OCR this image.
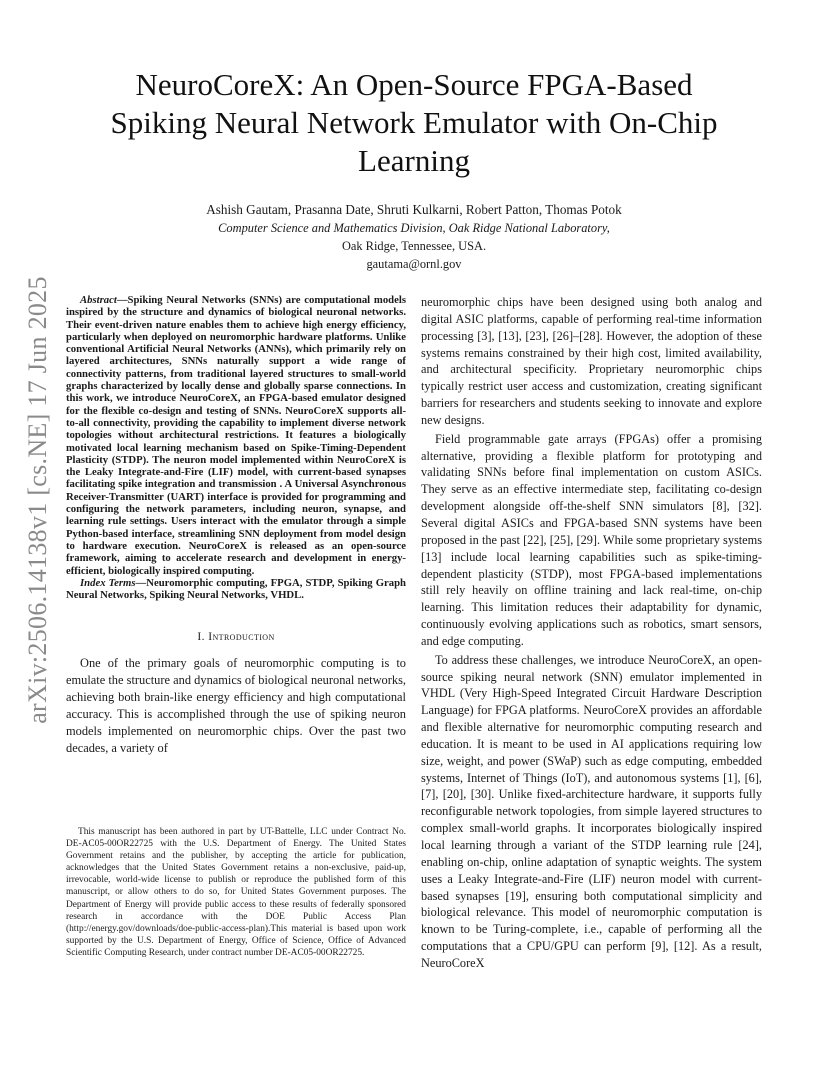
arXiv:2506.14138v1 [cs.NE] 17 Jun 2025
NeuroCoreX: An Open-Source FPGA-Based
Spiking Neural Network Emulator with On-Chip
Learning
Ashish Gautam, Prasanna Date, Shruti Kulkarni, Robert Patton, Thomas Potok
Computer Science and Mathematics Division, Oak Ridge National Laboratory,
Oak Ridge, Tennessee, USA.
gautama@ornl.gov

Abstract—Spiking Neural Networks (SNNs) are computational models inspired by the structure and dynamics of biological neuronal networks. Their event-driven nature enables them to achieve high energy efficiency, particularly when deployed on neuromorphic hardware platforms. Unlike conventional Artificial Neural Networks (ANNs), which primarily rely on layered architectures, SNNs naturally support a wide range of connectivity patterns, from traditional layered structures to small-world graphs characterized by locally dense and globally sparse connections. In this work, we introduce NeuroCoreX, an FPGA-based emulator designed for the flexible co-design and testing of SNNs. NeuroCoreX supports all-to-all connectivity, providing the capability to implement diverse network topologies without architectural restrictions. It features a biologically motivated local learning mechanism based on Spike-Timing-Dependent Plasticity (STDP). The neuron model implemented within NeuroCoreX is the Leaky Integrate-and-Fire (LIF) model, with current-based synapses facilitating spike integration and transmission . A Universal Asynchronous Receiver-Transmitter (UART) interface is provided for programming and configuring the network parameters, including neuron, synapse, and learning rule settings. Users interact with the emulator through a simple Python-based interface, streamlining SNN deployment from model design to hardware execution. NeuroCoreX is released as an open-source framework, aiming to accelerate research and development in energy-efficient, biologically inspired computing.

Index Terms—Neuromorphic computing, FPGA, STDP, Spiking Graph Neural Networks, Spiking Neural Networks, VHDL.

I. Introduction

One of the primary goals of neuromorphic computing is to emulate the structure and dynamics of biological neuronal networks, achieving both brain-like energy efficiency and high computational accuracy. This is accomplished through the use of spiking neuron models implemented on neuromorphic chips. Over the past two decades, a variety of

This manuscript has been authored in part by UT-Battelle, LLC under Contract No. DE-AC05-00OR22725 with the U.S. Department of Energy. The United States Government retains and the publisher, by accepting the article for publication, acknowledges that the United States Government retains a non-exclusive, paid-up, irrevocable, world-wide license to publish or reproduce the published form of this manuscript, or allow others to do so, for United States Government purposes. The Department of Energy will provide public access to these results of federally sponsored research in accordance with the DOE Public Access Plan (http://energy.gov/downloads/doe-public-access-plan).This material is based upon work supported by the U.S. Department of Energy, Office of Science, Office of Advanced Scientific Computing Research, under contract number DE-AC05-00OR22725.

neuromorphic chips have been designed using both analog and digital ASIC platforms, capable of performing real-time information processing [3], [13], [23], [26]–[28]. However, the adoption of these systems remains constrained by their high cost, limited availability, and architectural specificity. Proprietary neuromorphic chips typically restrict user access and customization, creating significant barriers for researchers and students seeking to innovate and explore new designs.

Field programmable gate arrays (FPGAs) offer a promising alternative, providing a flexible platform for prototyping and validating SNNs before final implementation on custom ASICs. They serve as an effective intermediate step, facilitating co-design development alongside off-the-shelf SNN simulators [8], [32]. Several digital ASICs and FPGA-based SNN systems have been proposed in the past [22], [25], [29]. While some proprietary systems [13] include local learning capabilities such as spike-timing-dependent plasticity (STDP), most FPGA-based implementations still rely heavily on offline training and lack real-time, on-chip learning. This limitation reduces their adaptability for dynamic, continuously evolving applications such as robotics, smart sensors, and edge computing.

To address these challenges, we introduce NeuroCoreX, an open-source spiking neural network (SNN) emulator implemented in VHDL (Very High-Speed Integrated Circuit Hardware Description Language) for FPGA platforms. NeuroCoreX provides an affordable and flexible alternative for neuromorphic computing research and education. It is meant to be used in AI applications requiring low size, weight, and power (SWaP) such as edge computing, embedded systems, Internet of Things (IoT), and autonomous systems [1], [6], [7], [20], [30]. Unlike fixed-architecture hardware, it supports fully reconfigurable network topologies, from simple layered structures to complex small-world graphs. It incorporates biologically inspired local learning through a variant of the STDP learning rule [24], enabling on-chip, online adaptation of synaptic weights. The system uses a Leaky Integrate-and-Fire (LIF) neuron model with current-based synapses [19], ensuring both computational simplicity and biological relevance. This model of neuromorphic computation is known to be Turing-complete, i.e., capable of performing all the computations that a CPU/GPU can perform [9], [12]. As a result, NeuroCoreX
